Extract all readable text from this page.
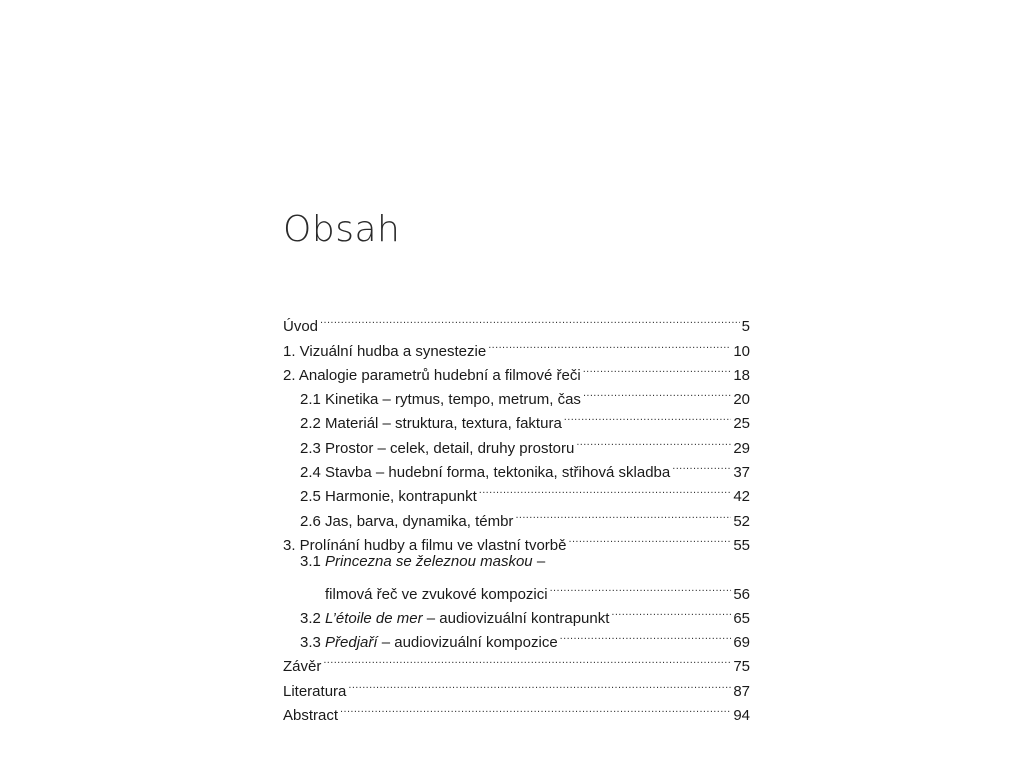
Obsah
Úvod .....	5
1. Vizuální hudba a synestezie .....	10
2. Analogie parametrů hudební a filmové řeči .....	18
2.1 Kinetika – rytmus, tempo, metrum, čas .....	20
2.2 Materiál – struktura, textura, faktura .....	25
2.3 Prostor – celek, detail, druhy prostoru .....	29
2.4 Stavba – hudební forma, tektonika, střihová skladba .....	37
2.5 Harmonie, kontrapunkt .....	42
2.6 Jas, barva, dynamika, témbr .....	52
3. Prolínání hudby a filmu ve vlastní tvorbě .....	55
3.1 Princezna se železnou maskou –
filmová řeč ve zvukové kompozici .....	56
3.2 L’étoile de mer – audiovizuální kontrapunkt .....	65
3.3 Předjaří – audiovizuální kompozice .....	69
Závěr .....	75
Literatura .....	87
Abstract .....	94
